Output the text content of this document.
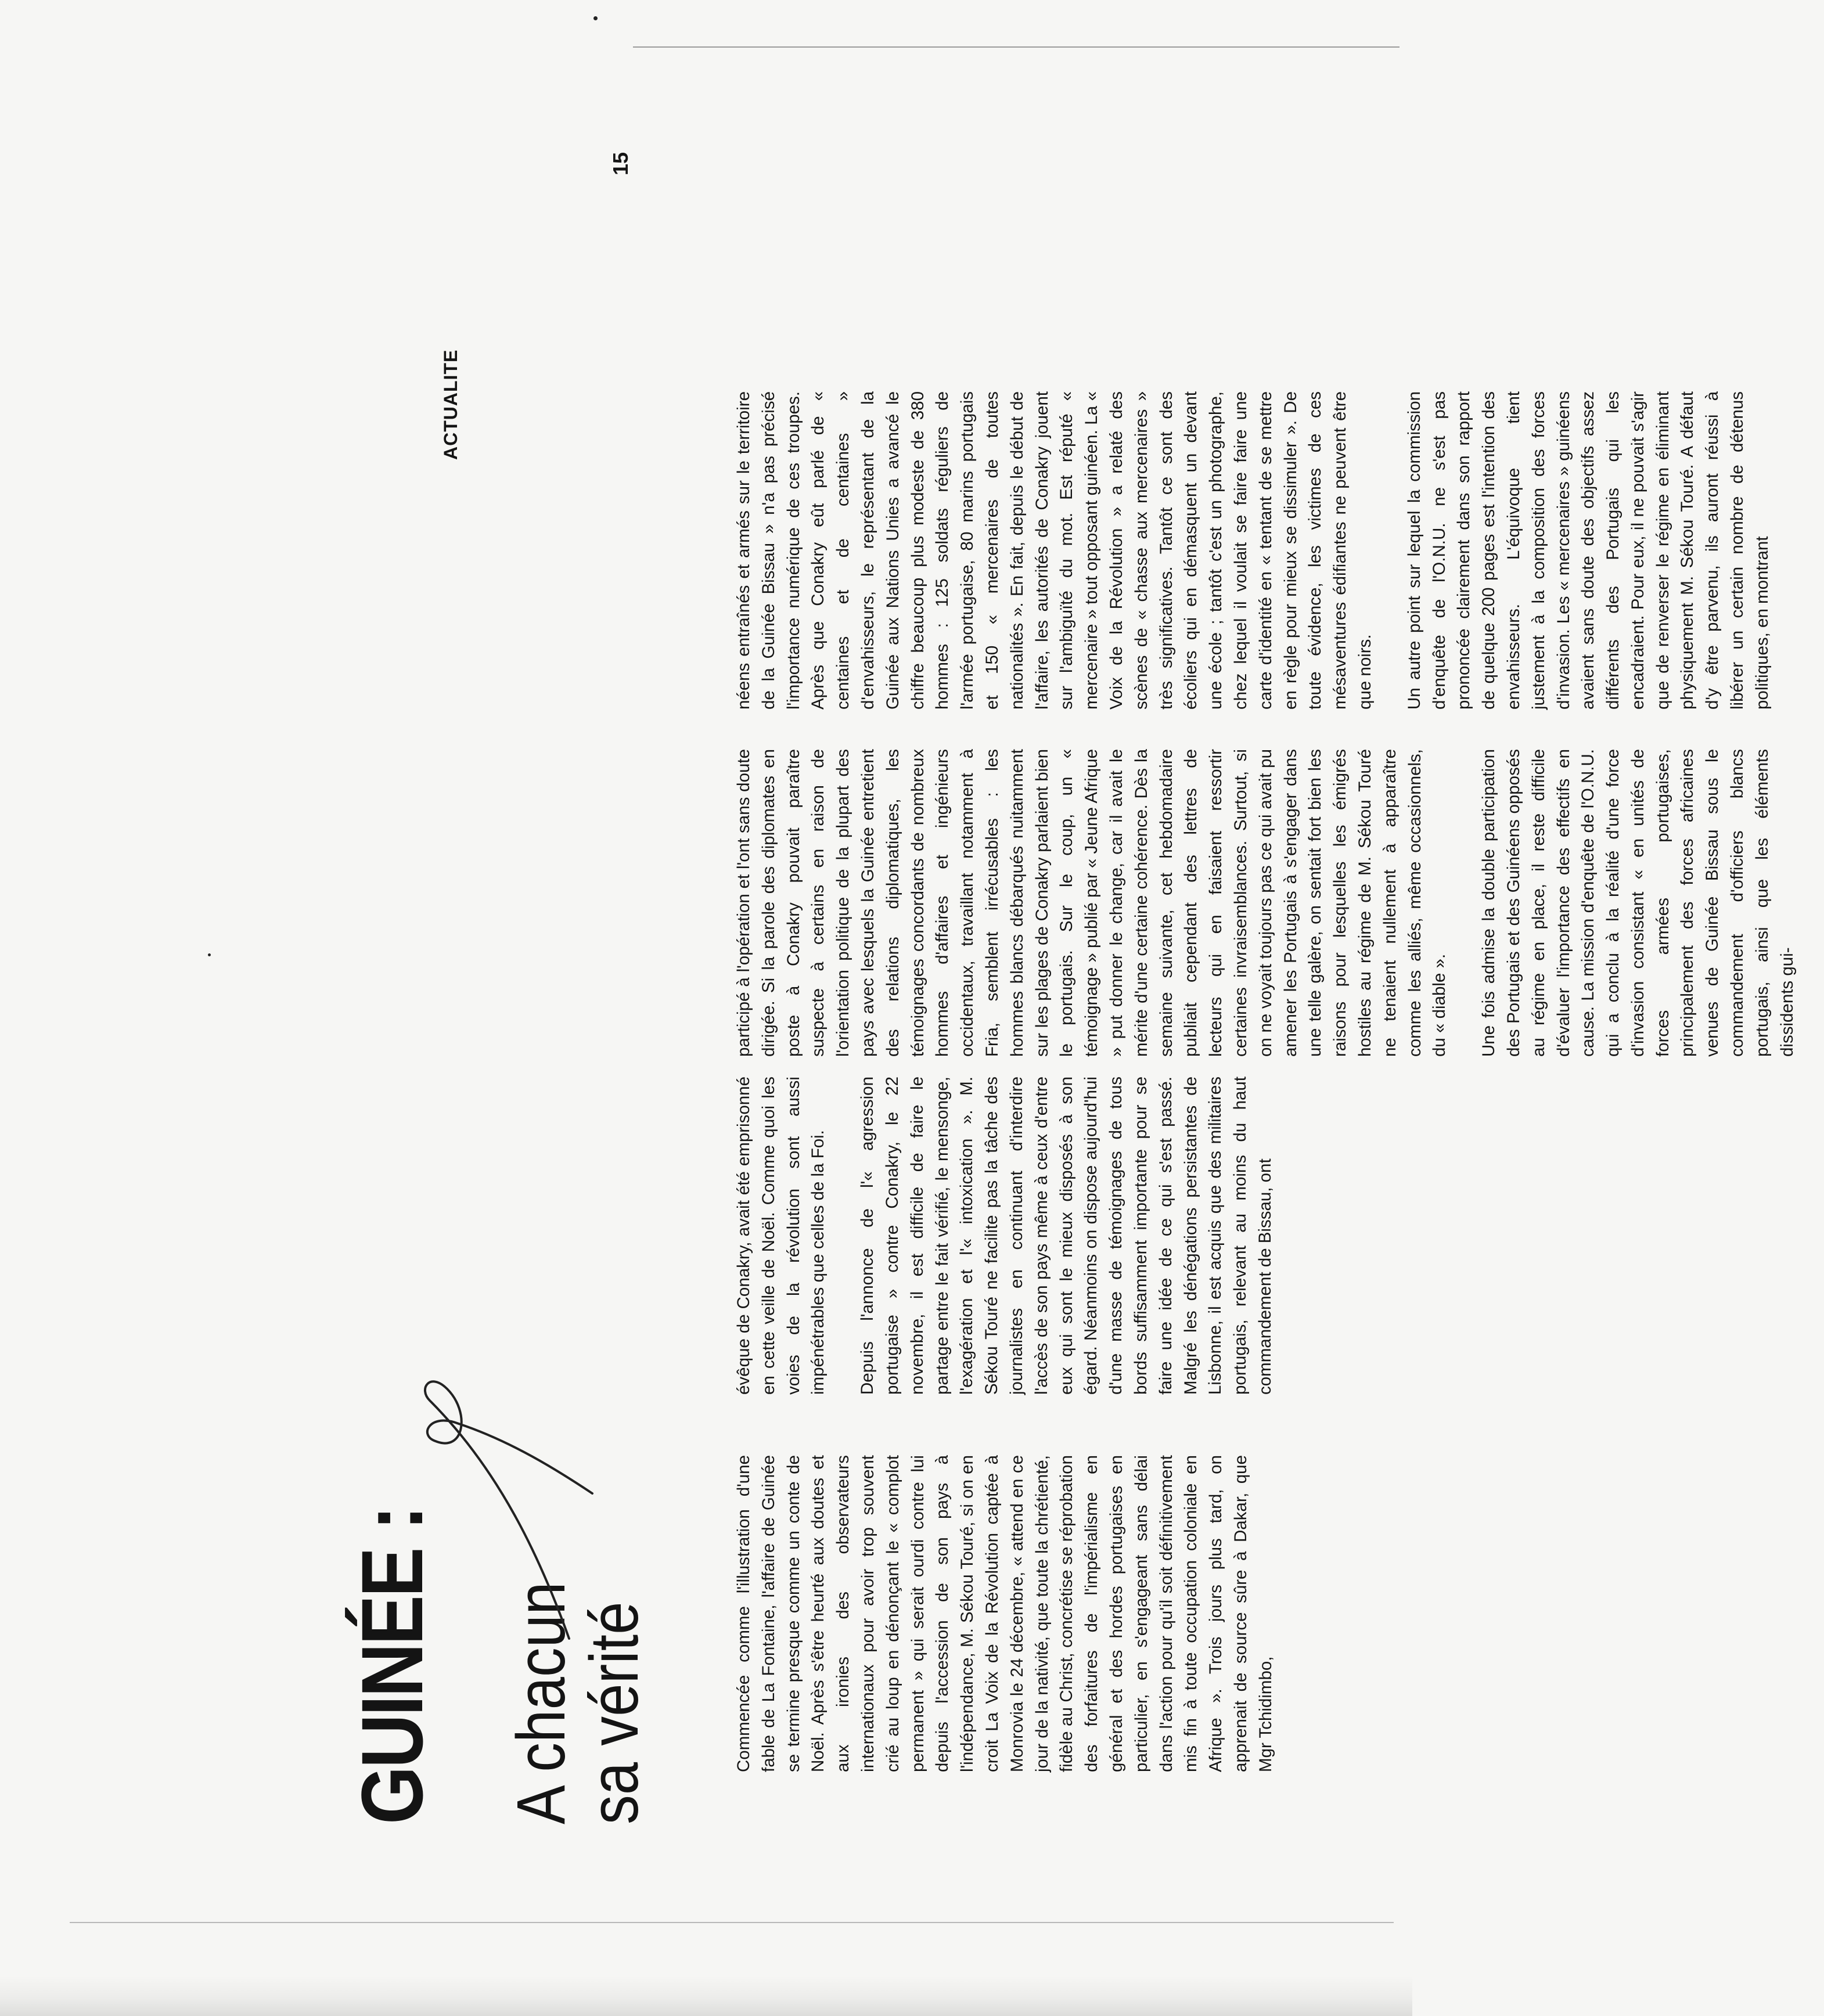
ACTUALITE
15
GUINÉE : A chacun
sa vérité	Commencée comme l'illustration d'une fable de La Fontaine, l'affaire de Guinée se termine presque comme un conte de Noël. Après s'être heurté aux doutes et aux ironies des observateurs internationaux pour avoir trop souvent crié au loup en dénonçant le « complot permanent » qui serait ourdi contre lui depuis l'accession de son pays à l'indépendance, M. Sékou Touré, si on en croit La Voix de la Révolution captée à Monrovia le 24 décembre, « attend en ce jour de la nativité, que toute la chrétienté, fidèle au Christ, concrétise se réprobation des forfaitures de l'impérialisme en général et des hordes portugaises en particulier, en s'engageant sans délai dans l'action pour qu'il soit définitivement mis fin à toute occupation coloniale en Afrique ». Trois jours plus tard, on apprenait de source sûre à Dakar, que Mgr Tchidimbo,

évêque de Conakry, avait été emprisonné en cette veille de Noël. Comme quoi les voies de la révolution sont aussi impénétrables que celles de la Foi. Depuis l'annonce de l'« agression portugaise » contre Conakry, le 22 novembre, il est difficile de faire le partage entre le fait vérifié, le mensonge, l'exagération et l'« intoxication ». M. Sékou Touré ne facilite pas la tâche des journalistes en continuant d'interdire l'accès de son pays même à ceux d'entre eux qui sont le mieux disposés à son égard. Néanmoins on dispose aujourd'hui d'une masse de témoignages de tous bords suffisamment importante pour se faire une idée de ce qui s'est passé. Malgré les dénégations persistantes de Lisbonne, il est acquis que des militaires portugais, relevant au moins du haut commandement de Bissau, ont

participé à l'opération et l'ont sans doute dirigée. Si la parole des diplomates en poste à Conakry pouvait paraître suspecte à certains en raison de l'orientation politique de la plupart des pays avec lesquels la Guinée entretient des relations diplomatiques, les témoignages concordants de nombreux hommes d'affaires et ingénieurs occidentaux, travaillant notamment à Fria, semblent irrécusables : les hommes blancs débarqués nuitamment sur les plages de Conakry parlaient bien le portugais. Sur le coup, un « témoignage » publié par « Jeune Afrique » put donner le change, car il avait le mérite d'une certaine cohérence. Dès la semaine suivante, cet hebdomadaire publiait cependant des lettres de lecteurs qui en faisaient ressortir certaines invraisemblances. Surtout, si on ne voyait toujours pas ce qui avait pu amener les Portugais à s'engager dans une telle galère, on sentait fort bien les raisons pour lesquelles les émigrés hostiles au régime de M. Sékou Touré ne tenaient nullement à apparaître comme les alliés, même occasionnels, du « diable ». Une fois admise la double participation des Portugais et des Guinéens opposés au régime en place, il reste difficile d'évaluer l'importance des effectifs en cause. La mission d'enquête de l'O.N.U. qui a conclu à la réalité d'une force d'invasion consistant « en unités de forces armées portugaises, principalement des forces africaines venues de Guinée Bissau sous le commandement d'officiers blancs portugais, ainsi que les éléments dissidents gui-

néens entraînés et armés sur le territoire de la Guinée Bissau » n'a pas précisé l'importance numérique de ces troupes. Après que Conakry eût parlé de « centaines et de centaines » d'envahisseurs, le représentant de la Guinée aux Nations Unies a avancé le chiffre beaucoup plus modeste de 380 hommes : 125 soldats réguliers de l'armée portugaise, 80 marins portugais et 150 « mercenaires de toutes nationalités ». En fait, depuis le début de l'affaire, les autorités de Conakry jouent sur l'ambiguïté du mot. Est réputé « mercenaire » tout opposant guinéen. La « Voix de la Révolution » a relaté des scènes de « chasse aux mercenaires » très significatives. Tantôt ce sont des écoliers qui en démasquent un devant une école ; tantôt c'est un photographe, chez lequel il voulait se faire faire une carte d'identité en « tentant de se mettre en règle pour mieux se dissimuler ». De toute évidence, les victimes de ces mésaventures édifiantes ne peuvent être que noirs. Un autre point sur lequel la commission d'enquête de l'O.N.U. ne s'est pas prononcée clairement dans son rapport de quelque 200 pages est l'intention des envahisseurs. L'équivoque tient justement à la composition des forces d'invasion. Les « mercenaires » guinéens avaient sans doute des objectifs assez différents des Portugais qui les encadraient. Pour eux, il ne pouvait s'agir que de renverser le régime en éliminant physiquement M. Sékou Touré. A défaut d'y être parvenu, ils auront réussi à libérer un certain nombre de détenus politiques, en montrant
